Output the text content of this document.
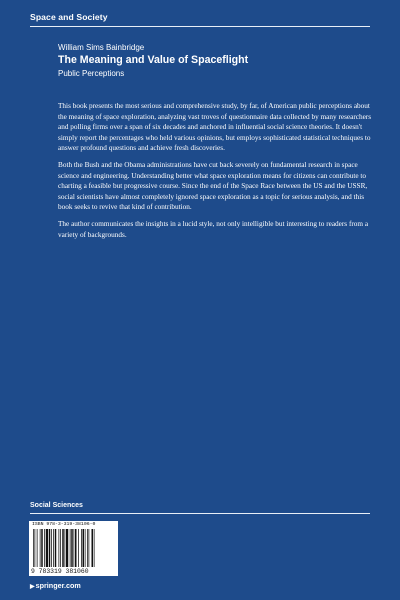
Space and Society
William Sims Bainbridge
The Meaning and Value of Spaceflight
Public Perceptions

This book presents the most serious and comprehensive study, by far, of American public perceptions about the meaning of space exploration, analyzing vast troves of questionnaire data collected by many researchers and polling firms over a span of six decades and anchored in influential social science theories. It doesn't simply report the percentages who held various opinions, but employs sophisticated statistical techniques to answer profound questions and achieve fresh discoveries.

Both the Bush and the Obama administrations have cut back severely on fundamental research in space science and engineering. Understanding better what space exploration means for citizens can contribute to charting a feasible but progressive course. Since the end of the Space Race between the US and the USSR, social scientists have almost completely ignored space exploration as a topic for serious analysis, and this book seeks to revive that kind of contribution.

The author communicates the insights in a lucid style, not only intelligible but interesting to readers from a variety of backgrounds.

Social Sciences
ISBN 978-3-319-38106-0
9 783319 381060
▶springer.com
